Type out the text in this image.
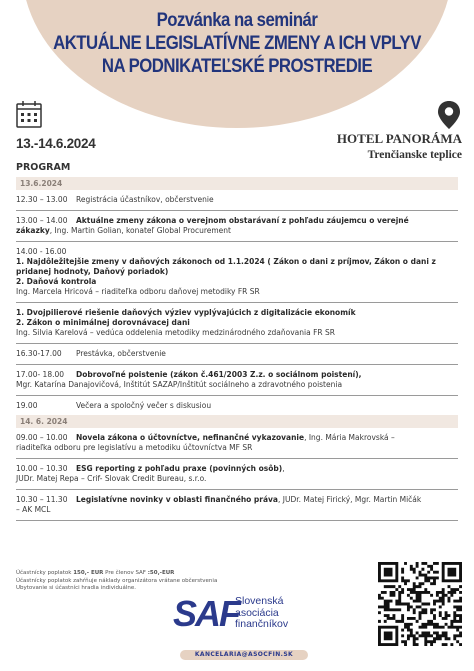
Pozvánka na seminár
AKTUÁLNE LEGISLATÍVNE ZMENY A ICH VPLYV
NA PODNIKATEĽSKÉ PROSTREDIE
13.-14.6.2024	HOTEL PANORÁMA
Trenčianske teplice
PROGRAM
13.6.2024
12.30 – 13.00 Registrácia účastníkov, občerstvenie
13.00 – 14.00 Aktuálne zmeny zákona o verejnom obstarávaní z pohľadu záujemcu o verejné
zákazky, Ing. Martin Golian, konateľ Global Procurement
14.00 - 16.00
1. Najdôležitejšie zmeny v daňových zákonoch od 1.1.2024 ( Zákon o dani z príjmov, Zákon o dani z
pridanej hodnoty, Daňový poriadok)
2. Daňová kontrola
Ing. Marcela Hricová – riaditeľka odboru daňovej metodiky FR SR
1. Dvojpilierové riešenie daňových výziev vyplývajúcich z digitalizácie ekonomík
2. Zákon o minimálnej dorovnávacej dani
Ing. Silvia Karelová – vedúca oddelenia metodiky medzinárodného zdaňovania FR SR
16.30-17.00 Prestávka, občerstvenie
17.00- 18.00 Dobrovoľné poistenie (zákon č.461/2003 Z.z. o sociálnom poistení),
Mgr. Katarína Danajovičová, Inštitút SAZAP/Inštitút sociálneho a zdravotného poistenia
19.00	Večera a spoločný večer s diskusiou
14. 6. 2024
09.00 – 10.00 Novela zákona o účtovníctve, nefinančné vykazovanie, Ing. Mária Makrovská –
riaditeľka odboru pre legislatívu a metodiku účtovníctva MF SR
10.00 – 10.30 ESG reporting z pohľadu praxe (povinných osôb),
JUDr. Matej Repa – Crif- Slovak Credit Bureau, s.r.o.
10.30 – 11.30 Legislatívne novinky v oblasti finančného práva, JUDr. Matej Firický, Mgr. Martin Mičák
– AK MCL
Účastnícky poplatok 150,- EUR Pre členov SAF :50,-EUR
Účastnícky poplatok zahŕňuje náklady organizátora vrátane občerstvenia
Ubytovanie si účastníci hradia individuálne.
SAF
Slovenská
asociácia
finančníkov
KANCELARIA@ASOCFIN.SK
